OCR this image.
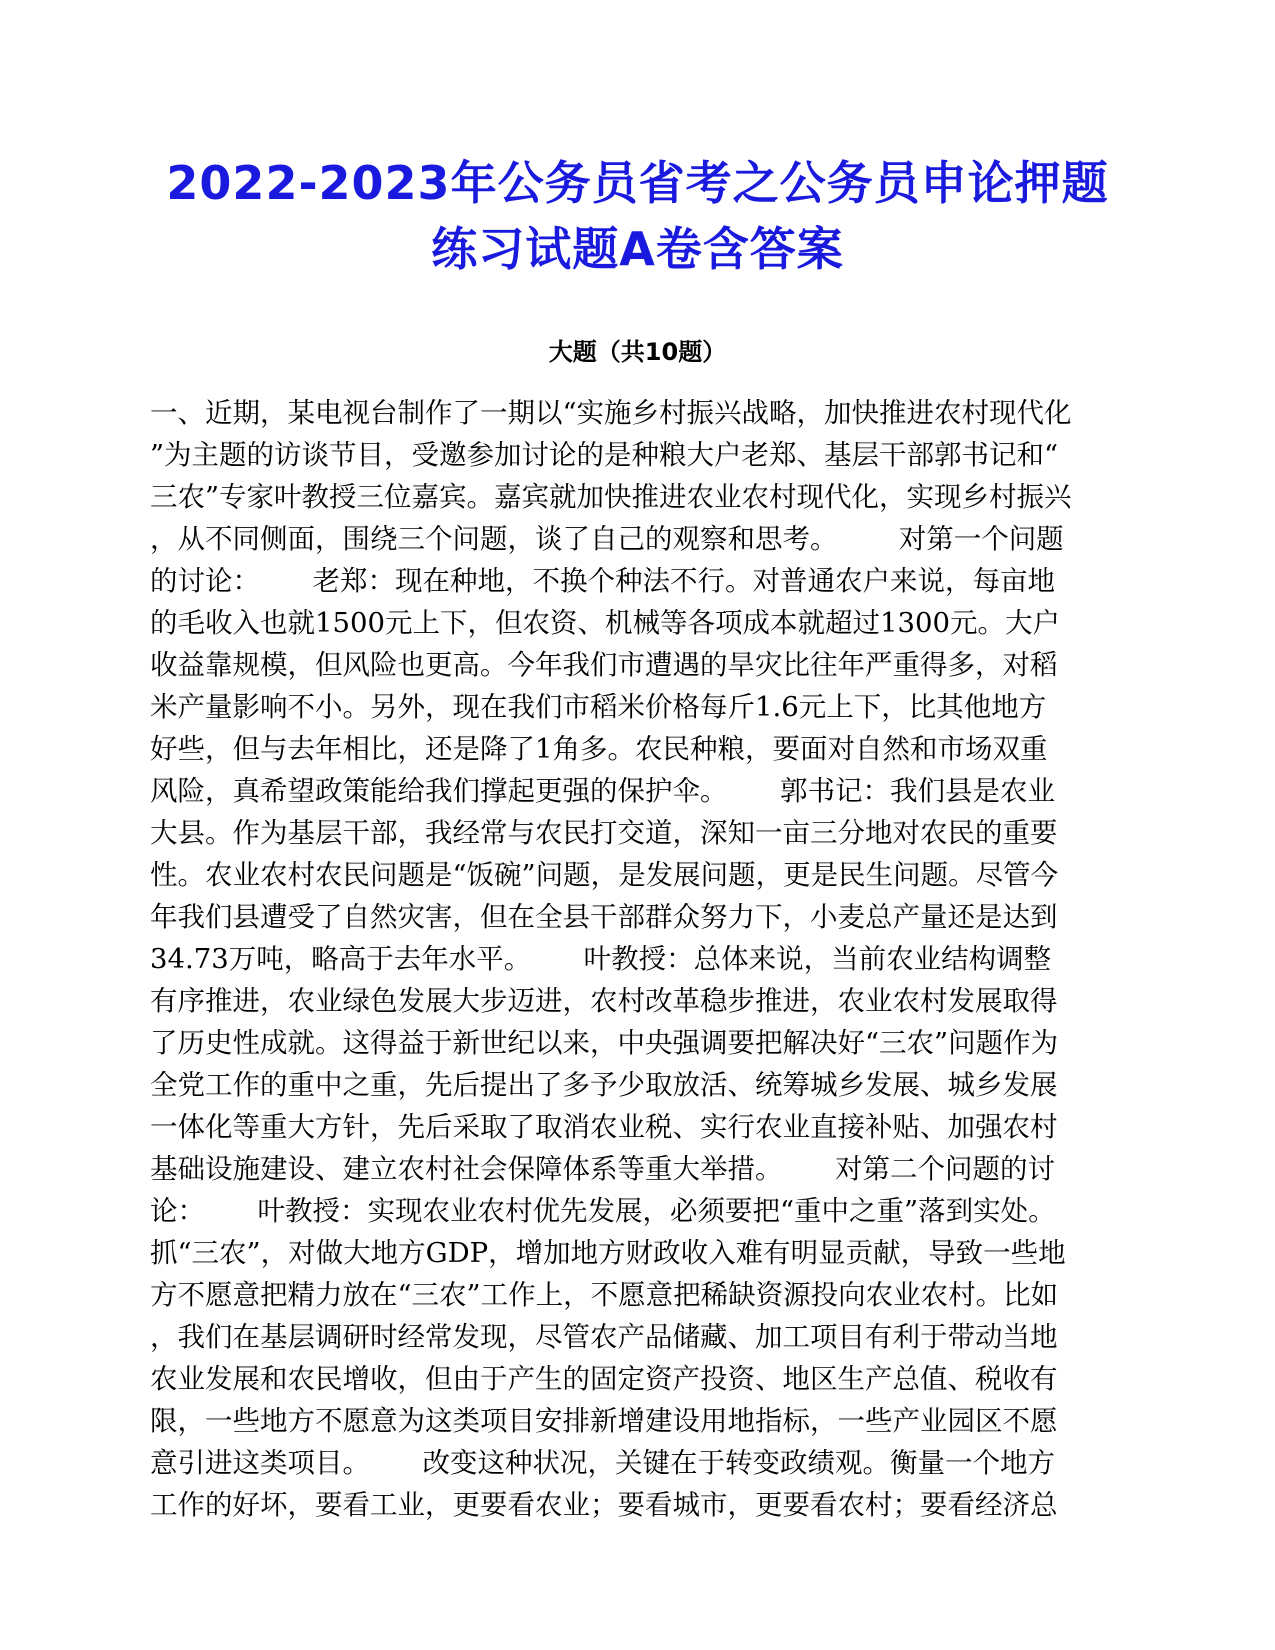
2022-2023年公务员省考之公务员申论押题
练习试题A卷含答案
大题（共10题）
一、近期，某电视台制作了一期以“实施乡村振兴战略，加快推进农村现代化
”为主题的访谈节目，受邀参加讨论的是种粮大户老郑、基层干部郭书记和“
三农”专家叶教授三位嘉宾。嘉宾就加快推进农业农村现代化，实现乡村振兴
，从不同侧面，围绕三个问题，谈了自己的观察和思考。       对第一个问题
的讨论：      老郑：现在种地，不换个种法不行。对普通农户来说，每亩地
的毛收入也就1500元上下，但农资、机械等各项成本就超过1300元。大户
收益靠规模，但风险也更高。今年我们市遭遇的旱灾比往年严重得多，对稻
米产量影响不小。另外，现在我们市稻米价格每斤1.6元上下，比其他地方
好些，但与去年相比，还是降了1角多。农民种粮，要面对自然和市场双重
风险，真希望政策能给我们撑起更强的保护伞。      郭书记：我们县是农业
大县。作为基层干部，我经常与农民打交道，深知一亩三分地对农民的重要
性。农业农村农民问题是“饭碗”问题，是发展问题，更是民生问题。尽管今
年我们县遭受了自然灾害，但在全县干部群众努力下，小麦总产量还是达到
34.73万吨，略高于去年水平。      叶教授：总体来说，当前农业结构调整
有序推进，农业绿色发展大步迈进，农村改革稳步推进，农业农村发展取得
了历史性成就。这得益于新世纪以来，中央强调要把解决好“三农”问题作为
全党工作的重中之重，先后提出了多予少取放活、统筹城乡发展、城乡发展
一体化等重大方针，先后采取了取消农业税、实行农业直接补贴、加强农村
基础设施建设、建立农村社会保障体系等重大举措。      对第二个问题的讨
论：      叶教授：实现农业农村优先发展，必须要把“重中之重”落到实处。
抓“三农”，对做大地方GDP，增加地方财政收入难有明显贡献，导致一些地
方不愿意把精力放在“三农”工作上，不愿意把稀缺资源投向农业农村。比如
，我们在基层调研时经常发现，尽管农产品储藏、加工项目有利于带动当地
农业发展和农民增收，但由于产生的固定资产投资、地区生产总值、税收有
限，一些地方不愿意为这类项目安排新增建设用地指标，一些产业园区不愿
意引进这类项目。      改变这种状况，关键在于转变政绩观。衡量一个地方
工作的好坏，要看工业，更要看农业；要看城市，更要看农村；要看经济总
